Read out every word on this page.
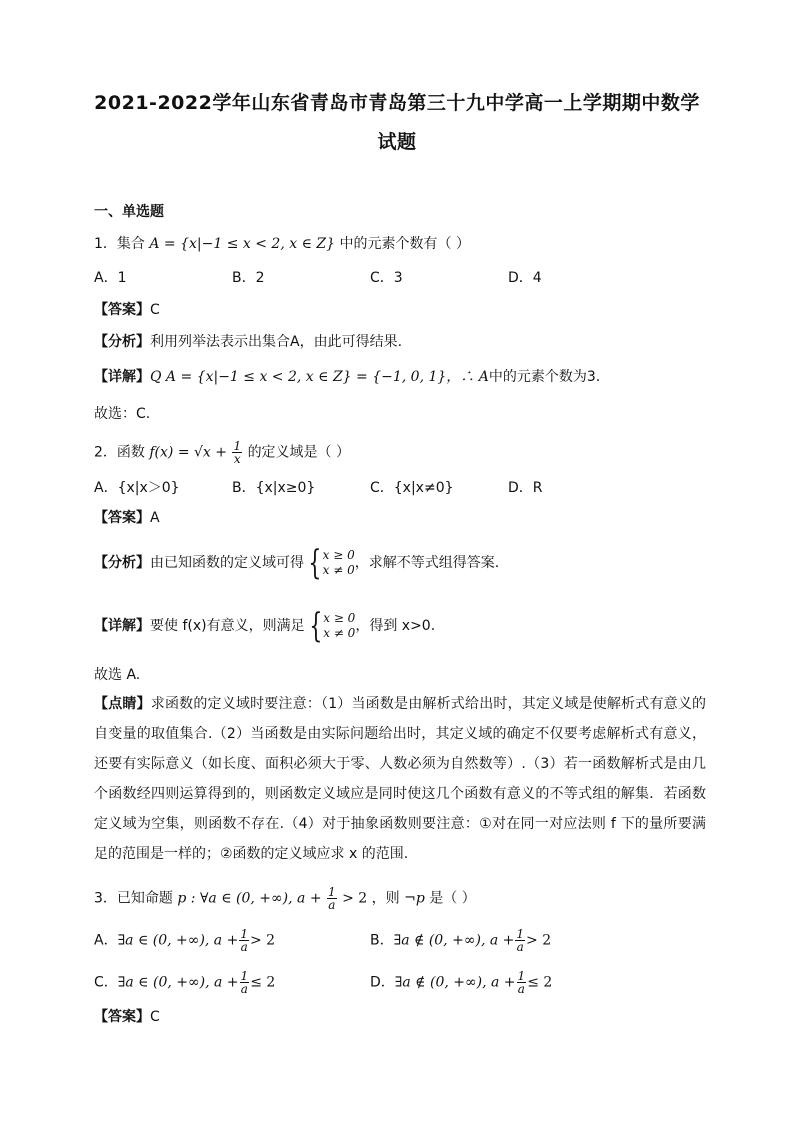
2021-2022学年山东省青岛市青岛第三十九中学高一上学期期中数学
试题
一、单选题
1．集合 A = {x|−1 ≤ x < 2, x ∈ Z} 中的元素个数有（ ）
A．1	B．2	C．3	D．4
【答案】C
【分析】利用列举法表示出集合A，由此可得结果.
【详解】Q A = {x|−1 ≤ x < 2, x ∈ Z} = {−1, 0, 1}，∴ A中的元素个数为3.
故选：C.
2．函数 $f(x) = √x + \frac{1}{x}$ 的定义域是（ ）
A．{x|x＞0}	B．{x|x≥0}	C．{x|x≠0}	D．R
【答案】A
【分析】由已知函数的定义域可得 { x ≥ 0
x ≠ 0 ，求解不等式组得答案.
【详解】要使 f(x)有意义，则满足 { x ≥ 0
x ≠ 0 ，得到 x>0.
故选 A.
【点睛】求函数的定义域时要注意：（1）当函数是由解析式给出时，其定义域是使解析式有意义的自变量的取值集合.（2）当函数是由实际问题给出时，其定义域的确定不仅要考虑解析式有意义，还要有实际意义（如长度、面积必须大于零、人数必须为自然数等）.（3）若一函数解析式是由几个函数经四则运算得到的，则函数定义域应是同时使这几个函数有意义的不等式组的解集．若函数定义域为空集，则函数不存在.（4）对于抽象函数则要注意：①对在同一对应法则 f 下的量所要满足的范围是一样的；②函数的定义域应求 x 的范围.
3．已知命题 p : ∀a ∈ (0, +∞), $a + \frac{1}{a} > 2$ ，则 ¬p 是（ ）
A．∃a ∈ (0, +∞), $a + \frac{1}{a} > 2$	B．∃a ∉ (0, +∞), $a + \frac{1}{a} > 2$
C．∃a ∈ (0, +∞), $a + \frac{1}{a} \le 2$	D．∃a ∉ (0, +∞), $a + \frac{1}{a} \le 2$
【答案】C
